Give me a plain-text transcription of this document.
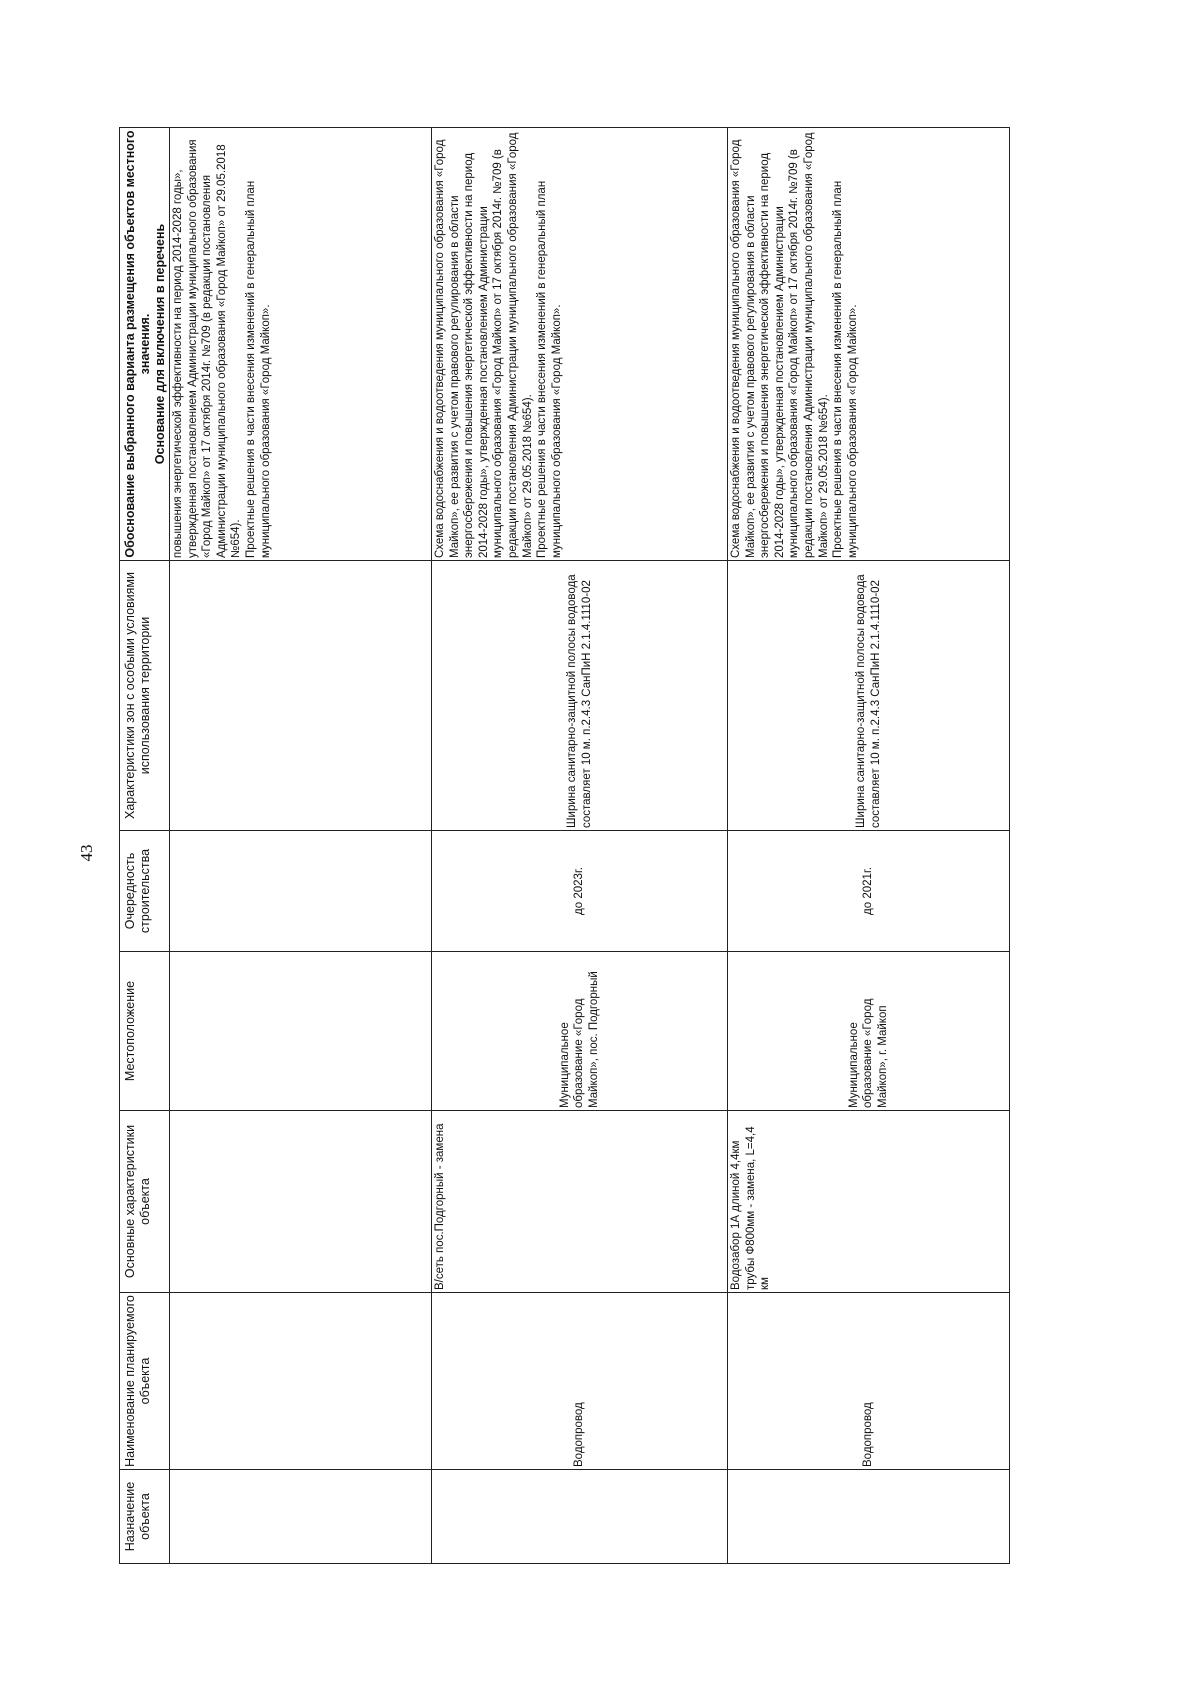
43
Назначение объекта	Наименование планируемого объекта	Основные характеристики объекта	Местоположение	Очередность строительства	Характеристики зон с особыми условиями использования территории	Обоснование выбранного варианта размещения объектов местного значения.
Основание для включения в перечень
						повышения энергетической эффективности на период 2014-2028 годы», утвержденная постановлением Администрации муниципального образования «Город Майкоп» от 17 октября 2014г. №709 (в редакции постановления Администрации муниципального образования «Город Майкоп» от 29.05.2018 №654).
Проектные решения в части внесения изменений в генеральный план муниципального образования «Город Майкоп».
	Водопровод	В/сеть пос.Подгорный - замена	Муниципальное образование «Город Майкоп», пос. Подгорный	до 2023г.	Ширина санитарно-защитной полосы водовода составляет 10 м. п.2.4.3 СанПиН 2.1.4.1110-02	Схема водоснабжения и водоотведения муниципального образования «Город Майкоп», ее развития с учетом правового регулирования в области энергосбережения и повышения энергетической эффективности на период 2014-2028 годы», утвержденная постановлением Администрации муниципального образования «Город Майкоп» от 17 октября 2014г. №709 (в редакции постановления Администрации муниципального образования «Город Майкоп» от 29.05.2018 №654).
Проектные решения в части внесения изменений в генеральный план муниципального образования «Город Майкоп».
	Водопровод	Водозабор 1А длиной 4,4км трубы Ф800мм - замена, L=4,4 км	Муниципальное образование «Город Майкоп», г. Майкоп	до 2021г.	Ширина санитарно-защитной полосы водовода составляет 10 м. п.2.4.3 СанПиН 2.1.4.1110-02	Схема водоснабжения и водоотведения муниципального образования «Город Майкоп», ее развития с учетом правового регулирования в области энергосбережения и повышения энергетической эффективности на период 2014-2028 годы», утвержденная постановлением Администрации муниципального образования «Город Майкоп» от 17 октября 2014г. №709 (в редакции постановления Администрации муниципального образования «Город Майкоп» от 29.05.2018 №654).
Проектные решения в части внесения изменений в генеральный план муниципального образования «Город Майкоп».
